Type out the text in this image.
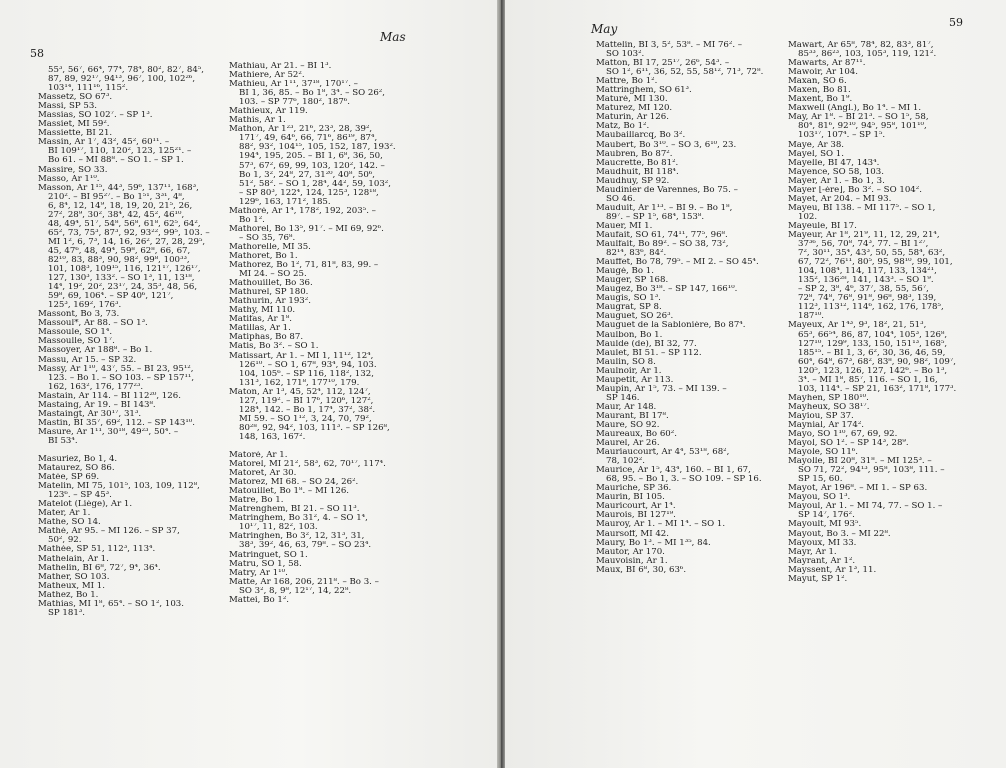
58
Mas
55³, 56⁷, 66⁴, 77⁴, 78⁴, 80², 82⁷, 84⁵,
87, 89, 92¹⁷, 94¹³, 96⁷, 100, 102²⁶,
103¹⁴, 111¹⁶, 115².
Massetz, SO 67³.
Massi, SP 53.
Massias, SO 102⁷. – SP 1³.
Massiet, MI 59².
Massiette, BI 21.
Massin, Ar 1⁷, 43², 45², 60¹¹. –
BI 109¹⁷, 110, 120², 123, 125²¹. –
Bo 61. – MI 88⁸. – SO 1. – SP 1.
Massire, SO 33.
Masso, Ar 1¹⁰.
Masson, Ar 1¹⁵, 44³, 59⁶, 137¹¹, 168³,
210². – BI 95²⁷. – Bo 1⁵¹, 3³¹, 4⁸,
6, 8⁴, 12, 14⁹, 18, 19, 20, 21⁵, 26,
27², 28⁹, 30², 38⁴, 42, 45², 46¹⁰,
48, 49⁴, 51⁷, 54⁸, 56⁸, 61⁸, 62⁵, 64²,
65², 73, 75³, 87³, 92, 93²², 99⁵, 103. –
MI 1², 6, 7³, 14, 16, 26², 27, 28, 29⁵,
45, 47⁶, 48, 49⁴, 59⁸, 62⁸, 66, 67,
82¹⁰, 83, 88³, 90, 98², 99⁸, 100³³,
101, 108³, 109¹⁵, 116, 121¹⁷, 126¹⁷,
127, 130³, 133². – SO 1³, 11, 13¹⁸,
14⁴, 19², 20², 23¹⁷, 24, 35³, 48, 56,
59⁸, 69, 106⁴. – SP 40⁶, 121⁷,
125³, 169², 176³.
Massont, Bo 3, 73.
Massoul*, Ar 88. – SO 1³.
Massoule, SO 1⁴.
Massoulle, SO 1⁷.
Massoyer, Ar 188⁸. – Bo 1.
Massu, Ar 15. – SP 32.
Massy, Ar 1¹⁰, 43⁷, 55. – BI 23, 95¹²,
123. – Bo 1. – SO 103. – SP 157¹¹,
162, 163², 176, 177²³.
Mastain, Ar 114. – BI 112²⁰, 126.
Mastaing, Ar 19. – BI 143⁸.
Mastaingt, Ar 30¹⁷, 31³.
Mastin, BI 35⁷, 69², 112. – SP 143¹⁰.
Masure, Ar 1¹¹, 30¹⁸, 49²³, 50⁴. –
BI 53⁴.

Masuriez, Bo 1, 4.
Mataurez, SO 86.
Matée, SP 69.
Matelin, MI 75, 101⁵, 103, 109, 112⁸,
123⁶. – SP 45³.
Matelot (Liège), Ar 1.
Mater, Ar 1.
Mathe, SO 14.
Mathé, Ar 95. – MI 126. – SP 37,
50², 92.
Mathée, SP 51, 112³, 113⁴.
Mathelain, Ar 1.
Mathelin, BI 6⁸, 72⁷, 9⁴, 36⁴.
Mather, SO 103.
Matheux, MI 1.
Mathez, Bo 1.
Mathias, MI 1⁸, 65⁴. – SO 1², 103.
SP 181³.
Mathiau, Ar 21. – BI 1³.
Mathiere, Ar 52².
Mathieu, Ar 1¹¹, 37¹⁸, 170¹⁷. –
BI 1, 36, 85. – Bo 1⁸, 3⁴. – SO 26²,
103. – SP 77⁶, 180², 187⁶.
Mathieux, Ar 119.
Mathis, Ar 1.
Mathon, Ar 1²³, 21⁶, 23³, 28, 39²,
171⁷, 49, 64⁶, 66, 71⁶, 86¹⁹, 87⁴,
88², 93², 104¹⁵, 105, 152, 187, 193².
194⁴, 195, 205. – BI 1, 6⁸, 36, 50,
57³, 67², 69, 99, 103, 120², 142. –
Bo 1, 3², 24⁸, 27, 31²⁰, 40⁸, 50⁶,
51², 58². – SO 1, 28⁴, 44², 59, 103²,
– SP 80³, 122⁴, 124, 125³, 128¹⁸,
129⁶, 163, 171², 185.
Mathoré, Ar 1⁴, 178², 192, 203⁵. –
Bo 1².
Mathorel, Bo 13⁵, 91⁷. – MI 69, 92⁶.
– SO 35, 76⁸.
Mathorelle, MI 35.
Mathoret, Bo 1.
Mathorez, Bo 1², 71, 81⁸, 83, 99. –
MI 24. – SO 25.
Mathouillet, Bo 36.
Mathurel, SP 180.
Mathurin, Ar 193².
Mathy, MI 110.
Matifas, Ar 1⁸.
Matillas, Ar 1.
Matiphas, Bo 87.
Matis, Bo 3². – SO 1.
Matissart, Ar 1. – MI 1, 11¹², 12⁴,
126¹⁰. – SO 1, 67⁸, 93⁴, 94, 103.
104, 105⁶. – SP 116, 118², 132,
131³, 162, 171⁸, 177¹⁰, 179.
Maton, Ar 1³, 45, 52⁴, 112, 124⁷,
127, 119². – BI 17⁶, 120⁶, 127²,
128⁴, 142. – Bo 1, 17⁴, 37², 38².
MI 59. – SO 1¹², 3, 24, 70, 79²,
80²⁸, 92, 94², 103, 111³. – SP 126⁸,
148, 163, 167².

Matoré, Ar 1.
Matorel, MI 21², 58³, 62, 70¹⁷, 117⁴.
Matoret, Ar 30.
Matorez, MI 68. – SO 24, 26².
Matouillet, Bo 1⁸. – MI 126.
Matre, Bo 1.
Matrenghem, BI 21. – SO 11³.
Matringhem, Bo 31², 4. – SO 1⁴,
10¹⁷, 11, 82², 103.
Matringhen, Bo 3², 12, 31³, 31,
38³, 39², 46, 63, 79⁸. – SO 23⁴.
Matringuet, SO 1.
Matru, SO 1, 58.
Matry, Ar 1¹⁰.
Matte, Ar 168, 206, 211⁸. – Bo 3. –
SO 3², 8, 9⁸, 12¹⁷, 14, 22⁸.
Mattei, Bo 1².
May	59
Mattelin, BI 3, 5², 53⁸. – MI 76². –
SO 103².
Matton, BI 17, 25¹⁷, 26⁶, 54³. –
SO 1², 6¹¹, 36, 52, 55, 58¹², 71³, 72⁸.
Mattre, Bo 1².
Mattringhem, SO 61³.
Maturé, MI 130.
Maturez, MI 120.
Maturin, Ar 126.
Matz, Bo 1².
Maubaillarcq, Bo 3².
Maubert, Bo 3¹⁰. – SO 3, 6¹⁰, 23.
Maubren, Bo 87².
Maucrette, Bo 81².
Maudhuit, BI 118⁴.
Maudhuy, SP 92.
Maudinier de Varennes, Bo 75. –
SO 46.
Mauduit, Ar 1¹³. – BI 9. – Bo 1⁸,
89⁷. – SP 1⁵, 68⁴, 153⁸.
Mauer, MI 1.
Maufait, SO 61, 74¹¹, 77⁵, 96⁸.
Maulfait, Bo 89². – SO 38, 73²,
82¹⁴, 83⁶, 84².
Mauffet, Bo 78, 79⁵. – MI 2. – SO 45⁴.
Maugé, Bo 1.
Mauger, SP 168.
Maugez, Bo 3¹⁸. – SP 147, 166¹⁰.
Maugis, SO 1³.
Maugrat, SP 8.
Mauguet, SO 26³.
Mauguet de la Sablonière, Bo 87⁴.
Maulbon, Bo 1.
Maulde (de), BI 32, 77.
Maulet, BI 51. – SP 112.
Maulin, SO 8.
Maulnoir, Ar 1.
Maupetit, Ar 113.
Maupin, Ar 1⁵, 73. – MI 139. –
SP 146.
Maur, Ar 148.
Maurant, BI 17⁸.
Maure, SO 92.
Maureaux, Bo 60².
Maurel, Ar 26.
Mauriaucourt, Ar 4⁴, 53¹⁸, 68²,
78, 102².
Maurice, Ar 1⁵, 43⁴, 160. – BI 1, 67,
68, 95. – Bo 1, 3. – SO 109. – SP 16.
Mauriche, SP 36.
Maurin, BI 105.
Mauricourt, Ar 1⁴.
Maurois, BI 127¹⁹.
Mauroy, Ar 1. – MI 1⁴. – SO 1.
Maursoff, MI 42.
Maury, Bo 1³. – MI 1³⁵, 84.
Mautor, Ar 170.
Mauvoisin, Ar 1.
Maux, BI 6⁸, 30, 63⁶.
Mawart, Ar 65⁸, 78⁴, 82, 83³, 81⁷,
85³³, 86²³, 103, 105³, 119, 121².
Mawarts, Ar 87¹¹.
Mawoir, Ar 104.
Maxan, SO 6.
Maxen, Bo 81.
Maxent, Bo 1⁹.
Maxwell (Angl.), Bo 1⁴. – MI 1.
May, Ar 1⁸. – BI 21³. – SO 1⁵, 58,
80⁴, 81⁶, 92¹⁰, 94⁵, 95⁸, 101¹⁰,
103¹⁷, 107⁴. – SP 1⁵.
Maye, Ar 38.
Mayel, SO 1.
Mayelle, BI 47, 143⁴.
Mayence, SO 58, 103.
Mayer, Ar 1. – Bo 1, 3.
Mayer [-ère], Bo 3². – SO 104².
Mayet, Ar 204. – MI 93.
Mayeu, BI 138. – MI 117⁵. – SO 1,
102.
Mayeule, BI 17.
Mayeur, Ar 1⁸, 21⁹, 11, 12, 29, 21⁴,
37³⁶, 56, 70⁸, 74³, 77. – BI 1²⁷,
7², 30¹¹, 35⁴, 43³, 50, 55, 58⁴, 63²,
67, 72², 76¹¹, 80⁵, 95, 98¹⁰, 99, 101,
104, 108⁴, 114, 117, 133, 134²¹,
135², 136²⁸, 141, 143³. – SO 1⁹.
– SP 2, 3⁸, 4⁶, 37⁷, 38, 55, 56⁷,
72⁸, 74⁸, 76⁸, 91⁸, 96⁸, 98³, 139,
112³, 113¹², 114⁶, 162, 176, 178⁵,
187¹⁰.
Mayeux, Ar 1⁴³, 9³, 18², 21, 51³,
65³, 66⁵⁴, 86, 87, 104⁴, 105³, 126⁸,
127¹⁰, 129⁹, 133, 150, 151¹³, 168⁵,
185¹⁵. – BI 1, 3, 6², 30, 36, 46, 59,
60⁴, 64⁸, 67³, 68², 83⁸, 90, 98², 109⁷,
120⁵, 123, 126, 127, 142⁶. – Bo 1³,
3⁴. – MI 1⁸, 85⁷, 116. – SO 1, 16,
103, 114⁴. – SP 21, 163², 171⁸, 177³.
Mayhen, SP 180¹⁰.
Mayheux, SO 38¹⁷.
Mayiou, SP 37.
Maynial, Ar 174².
Mayo, SO 1¹⁰, 67, 69, 92.
Mayol, SO 1². – SP 14³, 28⁹.
Mayole, SO 11⁶.
Mayolle, BI 20⁸, 31⁸. – MI 125³. –
SO 71, 72², 94¹³, 95⁸, 103⁸, 111. –
SP 15, 60.
Mayot, Ar 196⁸. – MI 1. – SP 63.
Mayou, SO 1³.
Mayoul, Ar 1. – MI 74, 77. – SO 1. –
SP 14⁷, 176².
Mayoult, MI 93⁵.
Mayout, Bo 3. – MI 22⁸.
Mayoux, MI 33.
Mayr, Ar 1.
Mayrant, Ar 1².
Mayssent, Ar 1³, 11.
Mayut, SP 1².
